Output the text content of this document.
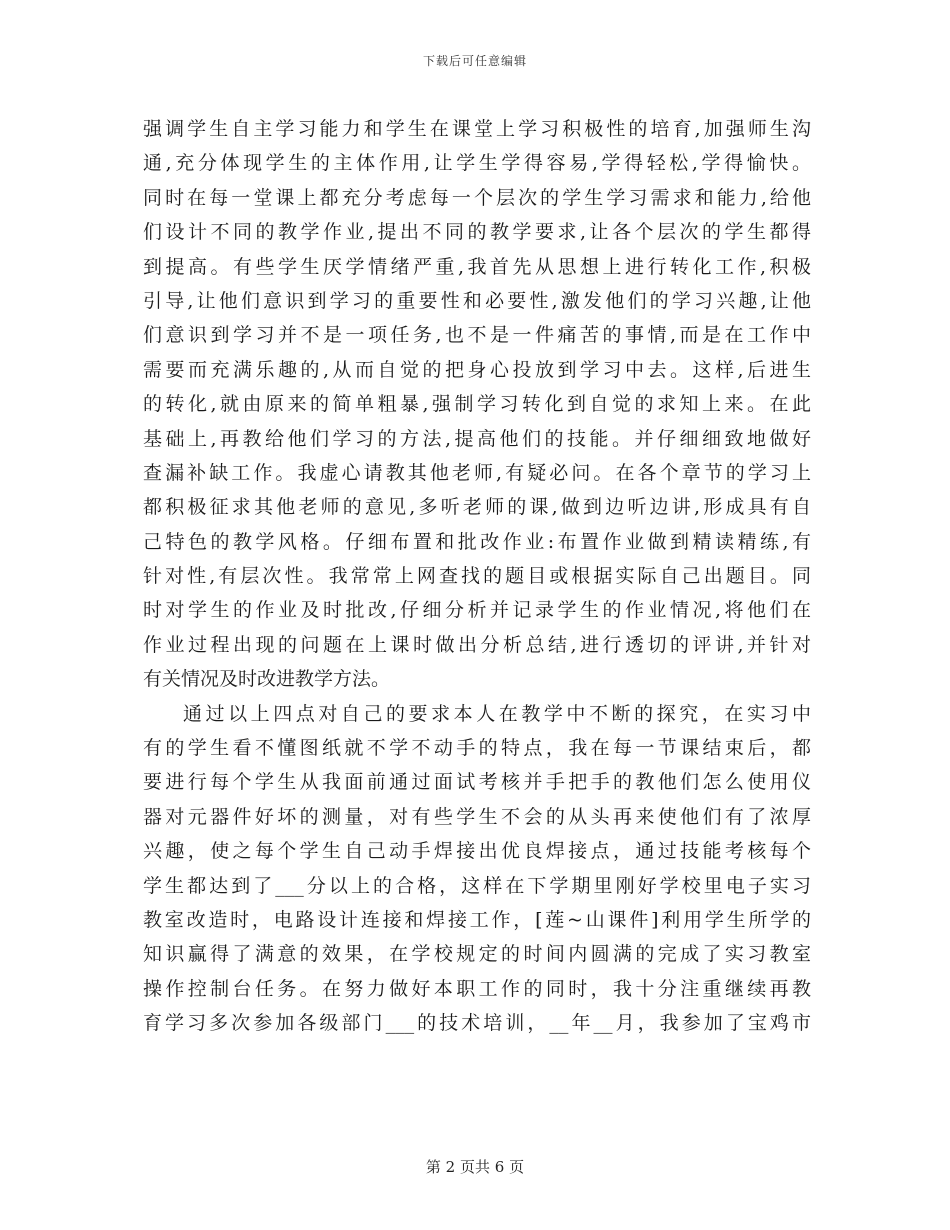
下载后可任意编辑
强调学生自主学习能力和学生在课堂上学习积极性的培育,加强师生沟
通,充分体现学生的主体作用,让学生学得容易,学得轻松,学得愉快。
同时在每一堂课上都充分考虑每一个层次的学生学习需求和能力,给他
们设计不同的教学作业,提出不同的教学要求,让各个层次的学生都得
到提高。有些学生厌学情绪严重,我首先从思想上进行转化工作,积极
引导,让他们意识到学习的重要性和必要性,激发他们的学习兴趣,让他
们意识到学习并不是一项任务,也不是一件痛苦的事情,而是在工作中
需要而充满乐趣的,从而自觉的把身心投放到学习中去。这样,后进生
的转化,就由原来的简单粗暴,强制学习转化到自觉的求知上来。在此
基础上,再教给他们学习的方法,提高他们的技能。并仔细细致地做好
查漏补缺工作。我虚心请教其他老师,有疑必问。在各个章节的学习上
都积极征求其他老师的意见,多听老师的课,做到边听边讲,形成具有自
己特色的教学风格。仔细布置和批改作业:布置作业做到精读精练,有
针对性,有层次性。我常常上网查找的题目或根据实际自己出题目。同
时对学生的作业及时批改,仔细分析并记录学生的作业情况,将他们在
作业过程出现的问题在上课时做出分析总结,进行透切的评讲,并针对
有关情况及时改进教学方法。
通过以上四点对自己的要求本人在教学中不断的探究，在实习中
有的学生看不懂图纸就不学不动手的特点，我在每一节课结束后，都
要进行每个学生从我面前通过面试考核并手把手的教他们怎么使用仪
器对元器件好坏的测量，对有些学生不会的从头再来使他们有了浓厚
兴趣，使之每个学生自己动手焊接出优良焊接点，通过技能考核每个
学生都达到了___分以上的合格，这样在下学期里刚好学校里电子实习
教室改造时，电路设计连接和焊接工作，[莲~山课件]利用学生所学的
知识赢得了满意的效果，在学校规定的时间内圆满的完成了实习教室
操作控制台任务。在努力做好本职工作的同时，我十分注重继续再教
育学习多次参加各级部门___的技术培训，__年__月，我参加了宝鸡市
第 2 页共 6 页
